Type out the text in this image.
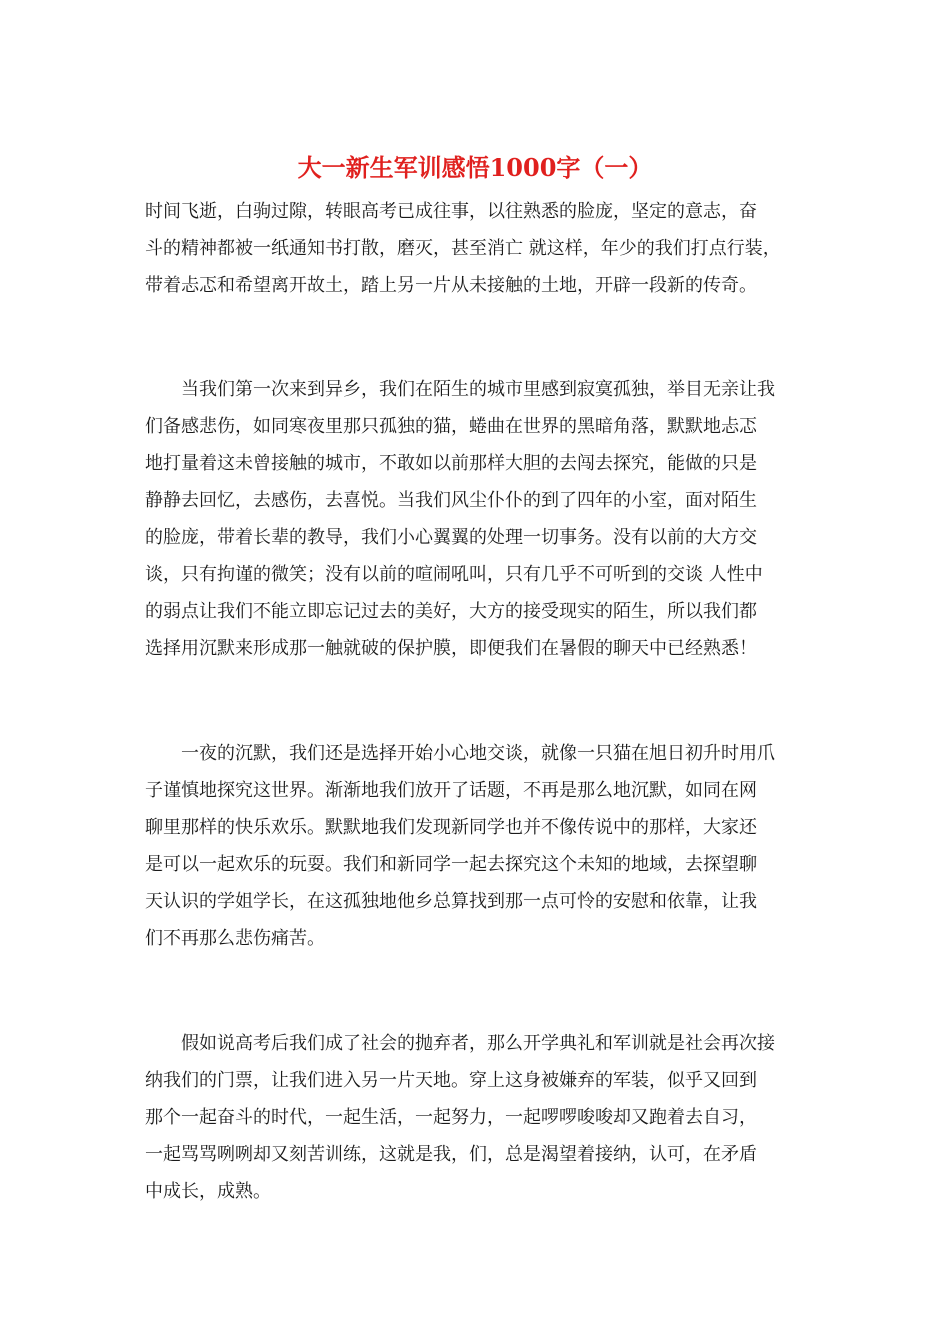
大一新生军训感悟1000字（一）

时间飞逝，白驹过隙，转眼高考已成往事，以往熟悉的脸庞，坚定的意志，奋
斗的精神都被一纸通知书打散，磨灭，甚至消亡 就这样，年少的我们打点行装，
带着忐忑和希望离开故土，踏上另一片从未接触的土地，开辟一段新的传奇。

　　当我们第一次来到异乡，我们在陌生的城市里感到寂寞孤独，举目无亲让我
们备感悲伤，如同寒夜里那只孤独的猫，蜷曲在世界的黑暗角落，默默地忐忑
地打量着这未曾接触的城市，不敢如以前那样大胆的去闯去探究，能做的只是
静静去回忆，去感伤，去喜悦。当我们风尘仆仆的到了四年的小室，面对陌生
的脸庞，带着长辈的教导，我们小心翼翼的处理一切事务。没有以前的大方交
谈，只有拘谨的微笑；没有以前的喧闹吼叫，只有几乎不可听到的交谈 人性中
的弱点让我们不能立即忘记过去的美好，大方的接受现实的陌生，所以我们都
选择用沉默来形成那一触就破的保护膜，即便我们在暑假的聊天中已经熟悉！

　　一夜的沉默，我们还是选择开始小心地交谈，就像一只猫在旭日初升时用爪
子谨慎地探究这世界。渐渐地我们放开了话题，不再是那么地沉默，如同在网
聊里那样的快乐欢乐。默默地我们发现新同学也并不像传说中的那样，大家还
是可以一起欢乐的玩耍。我们和新同学一起去探究这个未知的地域，去探望聊
天认识的学姐学长，在这孤独地他乡总算找到那一点可怜的安慰和依靠，让我
们不再那么悲伤痛苦。

　　假如说高考后我们成了社会的抛弃者，那么开学典礼和军训就是社会再次接
纳我们的门票，让我们进入另一片天地。穿上这身被嫌弃的军装，似乎又回到
那个一起奋斗的时代，一起生活，一起努力，一起啰啰唆唆却又跑着去自习，
一起骂骂咧咧却又刻苦训练，这就是我，们，总是渴望着接纳，认可，在矛盾
中成长，成熟。
